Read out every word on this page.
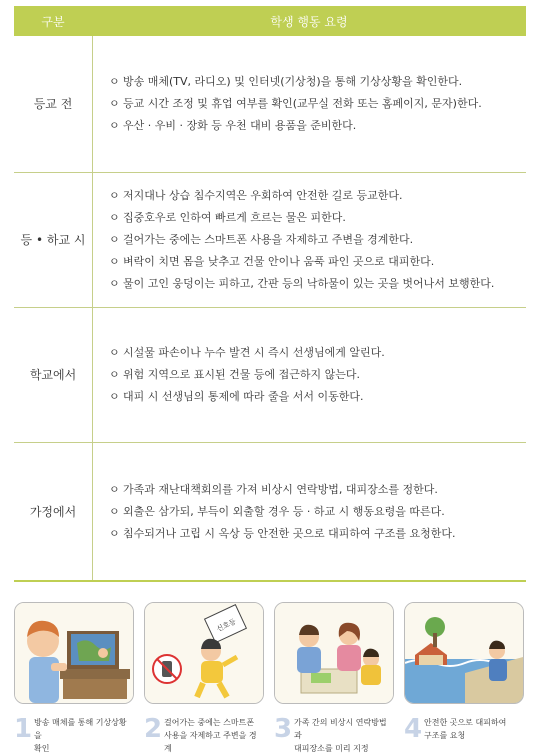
구분	학생 행동 요령
등교 전
ㅇ 방송 매체(TV, 라디오) 및 인터넷(기상청)을 통해 기상상황을 확인한다.
ㅇ 등교 시간 조정 및 휴업 여부를 확인(교무실 전화 또는 홈페이지, 문자)한다.
ㅇ 우산 · 우비 · 장화 등 우천 대비 용품을 준비한다.
등 • 하교 시
ㅇ 저지대나 상습 침수지역은 우회하여 안전한 길로 등교한다.
ㅇ 집중호우로 인하여 빠르게 흐르는 물은 피한다.
ㅇ 걸어가는 중에는 스마트폰 사용을 자제하고 주변을 경계한다.
ㅇ 벼락이 치면 몸을 낮추고 건물 안이나 움푹 파인 곳으로 대피한다.
ㅇ 물이 고인 웅덩이는 피하고, 간판 등의 낙하물이 있는 곳을 벗어나서 보행한다.
학교 에서
ㅇ 시설물 파손이나 누수 발견 시 즉시 선생님에게 알린다.
ㅇ 위험 지역으로 표시된 건물 등에 접근하지 않는다.
ㅇ 대피 시 선생님의 통제에 따라 줄을 서서 이동한다.
가정 에서
ㅇ 가족과 재난대책회의를 가져 비상시 연락방법, 대피장소를 정한다.
ㅇ 외출은 삼가되, 부득이 외출할 경우 등 · 하교 시 행동요령을 따른다.
ㅇ 침수되거나 고립 시 옥상 등 안전한 곳으로 대피하여 구조를 요청한다.
1 방송 매체를 통해 기상상황을
확인
신호등
2 걸어가는 중에는 스마트폰
사용을 자제하고 주변을 경계
3 가족 간의 비상시 연락방법과
대피장소를 미리 지정
4 안전한 곳으로 대피하여
구조를 요청
